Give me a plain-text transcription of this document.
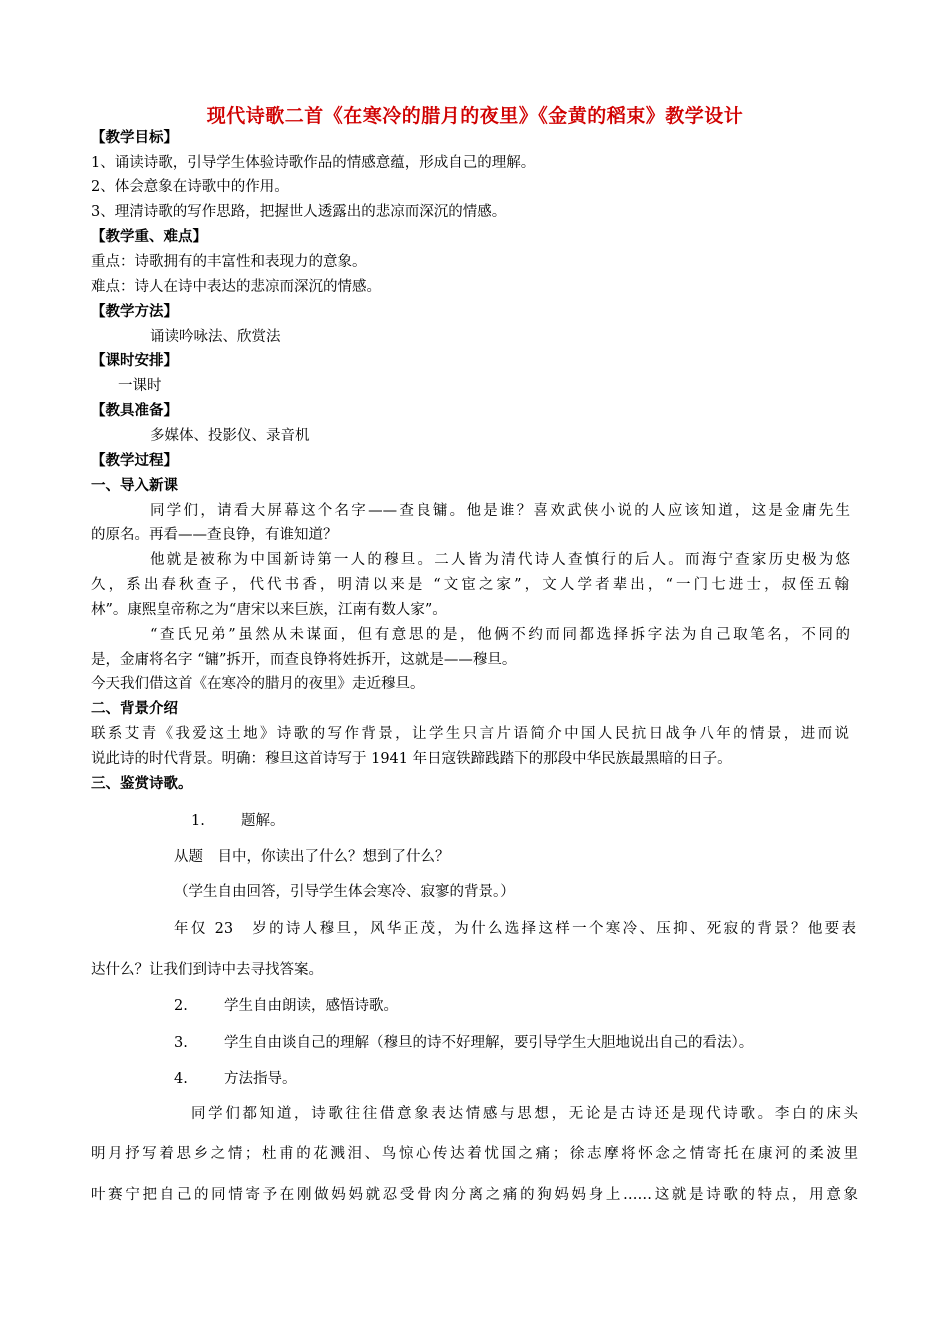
现代诗歌二首《在寒冷的腊月的夜里》《金黄的稻束》教学设计
【教学目标】
1、诵读诗歌，引导学生体验诗歌作品的情感意蕴，形成自己的理解。
2、体会意象在诗歌中的作用。
3、理清诗歌的写作思路，把握世人透露出的悲凉而深沉的情感。
【教学重、难点】
重点：诗歌拥有的丰富性和表现力的意象。
难点：诗人在诗中表达的悲凉而深沉的情感。
【教学方法】
诵读吟咏法、欣赏法
【课时安排】
一课时
【教具准备】
多媒体、投影仪、录音机
【教学过程】
一、导入新课
同学们，请看大屏幕这个名字——查良镛。他是谁？喜欢武侠小说的人应该知道，这是金庸先生
的原名。再看——查良铮，有谁知道？
他就是被称为中国新诗第一人的穆旦。二人皆为清代诗人查慎行的后人。而海宁查家历史极为悠
久，系出春秋查子，代代书香，明清以来是 “文宦之家”，文人学者辈出，“一门七进士，叔侄五翰
林”。康熙皇帝称之为“唐宋以来巨族，江南有数人家”。
“查氏兄弟”虽然从未谋面，但有意思的是，他俩不约而同都选择拆字法为自己取笔名，不同的
是，金庸将名字 “镛”拆开，而查良铮将姓拆开，这就是——穆旦。
今天我们借这首《在寒冷的腊月的夜里》走近穆旦。
二、背景介绍
联系艾青《我爱这土地》诗歌的写作背景，让学生只言片语简介中国人民抗日战争八年的情景，进而说
说此诗的时代背景。明确：穆旦这首诗写于 1941 年日寇铁蹄践踏下的那段中华民族最黑暗的日子。
三、鉴赏诗歌。
1. 题解。
从题　目中，你读出了什么？想到了什么？
（学生自由回答，引导学生体会寒冷、寂寥的背景。）
年仅 23　岁的诗人穆旦，风华正茂，为什么选择这样一个寒冷、压抑、死寂的背景？他要表
达什么？让我们到诗中去寻找答案。
2. 学生自由朗读，感悟诗歌。
3. 学生自由谈自己的理解（穆旦的诗不好理解，要引导学生大胆地说出自己的看法）。
4. 方法指导。
同学们都知道，诗歌往往借意象表达情感与思想，无论是古诗还是现代诗歌。李白的床头
明月抒写着思乡之情；杜甫的花溅泪、鸟惊心传达着忧国之痛；徐志摩将怀念之情寄托在康河的柔波里
叶赛宁把自己的同情寄予在刚做妈妈就忍受骨肉分离之痛的狗妈妈身上……这就是诗歌的特点，用意象
